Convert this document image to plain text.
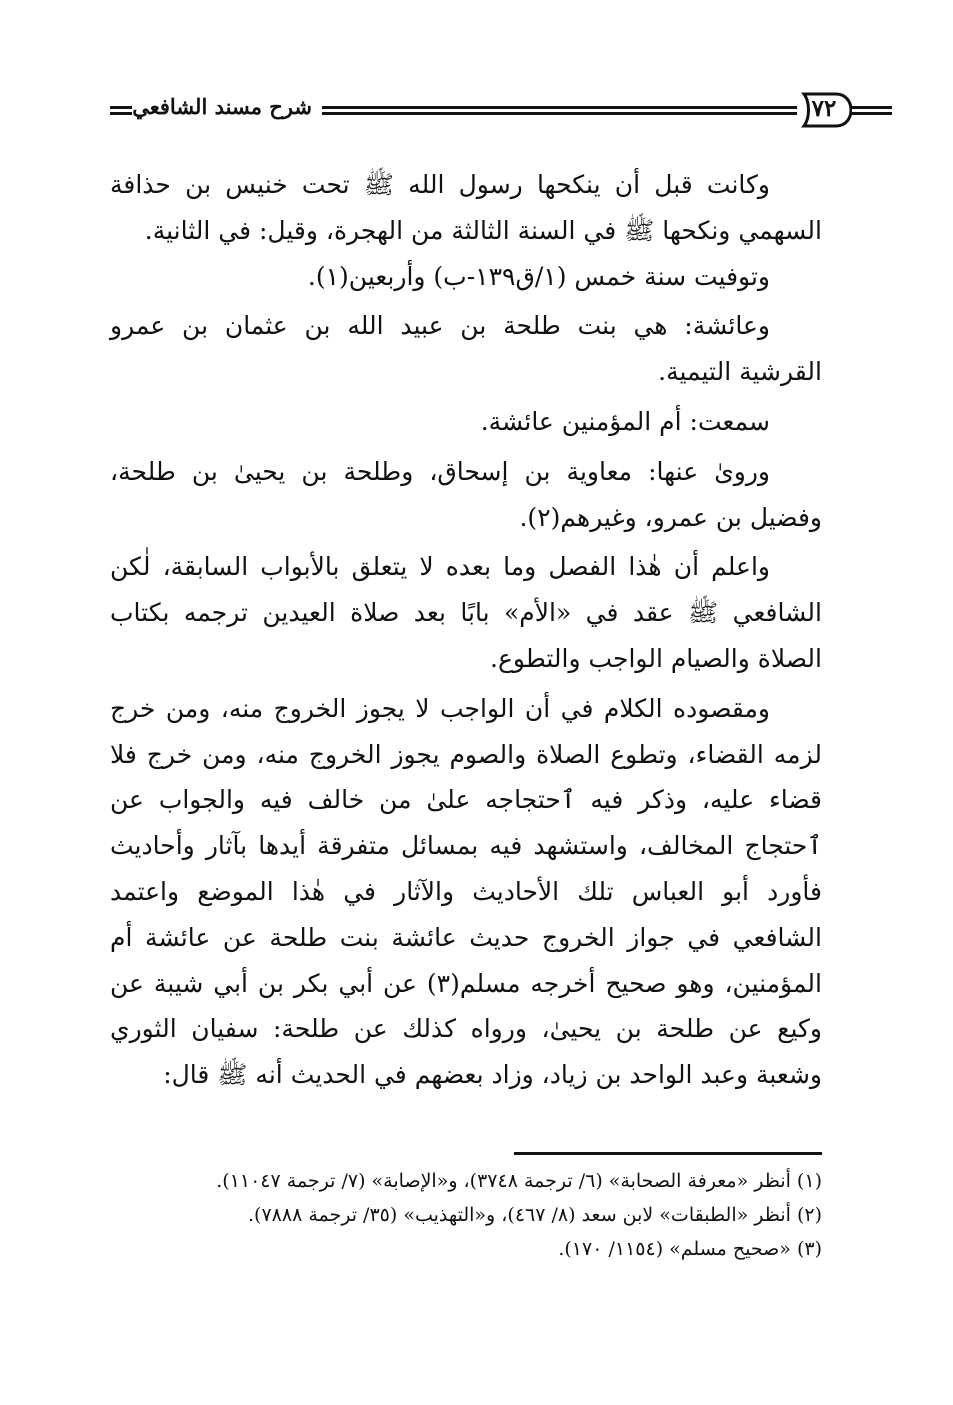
شرح مسند الشافعي	٧٢

وكانت قبل أن ينكحها رسول الله ﷺ تحت خنيس بن حذافة السهمي ونكحها ﷺ في السنة الثالثة من الهجرة، وقيل: في الثانية.

وتوفيت سنة خمس (١/ق١٣٩-ب) وأربعين(١).

وعائشة: هي بنت طلحة بن عبيد الله بن عثمان بن عمرو القرشية التيمية.

سمعت: أم المؤمنين عائشة.

وروىٰ عنها: معاوية بن إسحاق، وطلحة بن يحيىٰ بن طلحة، وفضيل بن عمرو، وغيرهم(٢).

واعلم أن هٰذا الفصل وما بعده لا يتعلق بالأبواب السابقة، لٰكن الشافعي ﷺ عقد في «الأم» بابًا بعد صلاة العيدين ترجمه بكتاب الصلاة والصيام الواجب والتطوع.

ومقصوده الكلام في أن الواجب لا يجوز الخروج منه، ومن خرج لزمه القضاء، وتطوع الصلاة والصوم يجوز الخروج منه، ومن خرج فلا قضاء عليه، وذكر فيه ٱحتجاجه علىٰ من خالف فيه والجواب عن ٱحتجاج المخالف، واستشهد فيه بمسائل متفرقة أيدها بآثار وأحاديث فأورد أبو العباس تلك الأحاديث والآثار في هٰذا الموضع واعتمد الشافعي في جواز الخروج حديث عائشة بنت طلحة عن عائشة أم المؤمنين، وهو صحيح أخرجه مسلم(٣) عن أبي بكر بن أبي شيبة عن وكيع عن طلحة بن يحيىٰ، ورواه كذلك عن طلحة: سفيان الثوري وشعبة وعبد الواحد بن زياد، وزاد بعضهم في الحديث أنه ﷺ قال:

(١) أنظر «معرفة الصحابة» (٦/ ترجمة ٣٧٤٨)، و«الإصابة» (٧/ ترجمة ١١٠٤٧).

(٢) أنظر «الطبقات» لابن سعد (٨/ ٤٦٧)، و«التهذيب» (٣٥/ ترجمة ٧٨٨٨).

(٣) «صحيح مسلم» (١١٥٤/ ١٧٠).
